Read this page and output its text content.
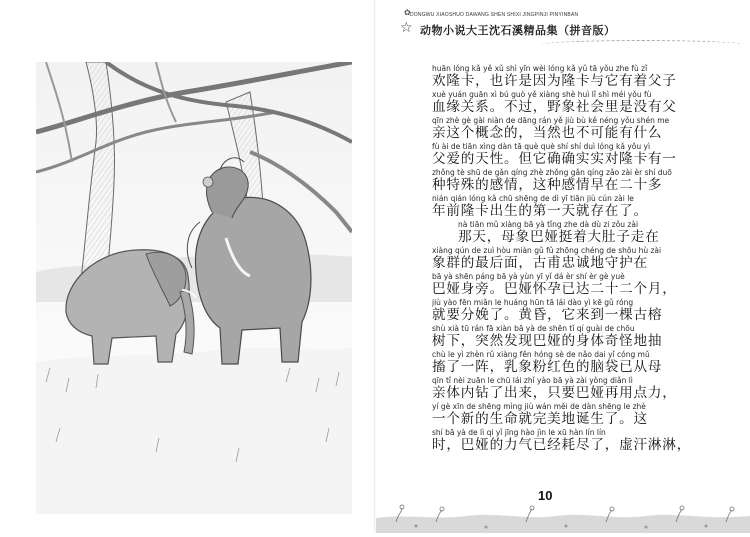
✿
☆
DONGWU XIAOSHUO DAWANG SHEN SHIXI JINGPINJI PINYINBAN
动物小说大王沈石溪精品集（拼音版）
huān lóng kǎ yě xǔ shì yīn wèi lóng kǎ yǔ tā yǒu zhe fù zǐ
欢隆卡，也许是因为隆卡与它有着父子
xuè yuán guān xì bú guò yě xiàng shè huì lǐ shì méi yǒu fù
血缘关系。不过，野象社会里是没有父
qīn zhè gè gài niàn de dāng rán yě jiù bù kě néng yǒu shén me
亲这个概念的，当然也不可能有什么
fù ài de tiān xìng dàn tā què què shí shí duì lóng kǎ yǒu yì
父爱的天性。但它确确实实对隆卡有一
zhǒng tè shū de gǎn qíng zhè zhǒng gǎn qíng zǎo zài èr shí duō
种特殊的感情，这种感情早在二十多
nián qián lóng kǎ chū shēng de dì yī tiān jiù cún zài le
年前隆卡出生的第一天就存在了。
nà tiān mǔ xiàng bā yà tǐng zhe dà dù zi zǒu zài
那天，母象巴娅挺着大肚子走在
xiàng qún de zuì hòu miàn gǔ fǔ zhōng chéng de shǒu hù zài
象群的最后面，古甫忠诚地守护在
bā yà shēn páng bā yà yùn yī yǐ dá èr shí èr gè yuè
巴娅身旁。巴娅怀孕已达二十二个月，
jiù yào fēn miǎn le huáng hūn tā lái dào yì kē gǔ róng
就要分娩了。黄昏，它来到一棵古榕
shù xià tū rán fā xiàn bā yà de shēn tǐ qí guài de chōu
树下，突然发现巴娅的身体奇怪地抽
chù le yì zhèn rǔ xiàng fěn hóng sè de nǎo dai yǐ cóng mǔ
搐了一阵，乳象粉红色的脑袋已从母
qīn tǐ nèi zuān le chū lái zhǐ yào bā yà zài yòng diǎn lì
亲体内钻了出来，只要巴娅再用点力，
yí gè xīn de shēng mìng jiù wán měi de dàn shēng le zhè
一个新的生命就完美地诞生了。这
shí bā yà de lì qi yǐ jīng hào jìn le xū hàn lín lín
时，巴娅的力气已经耗尽了，虚汗淋淋，
10
